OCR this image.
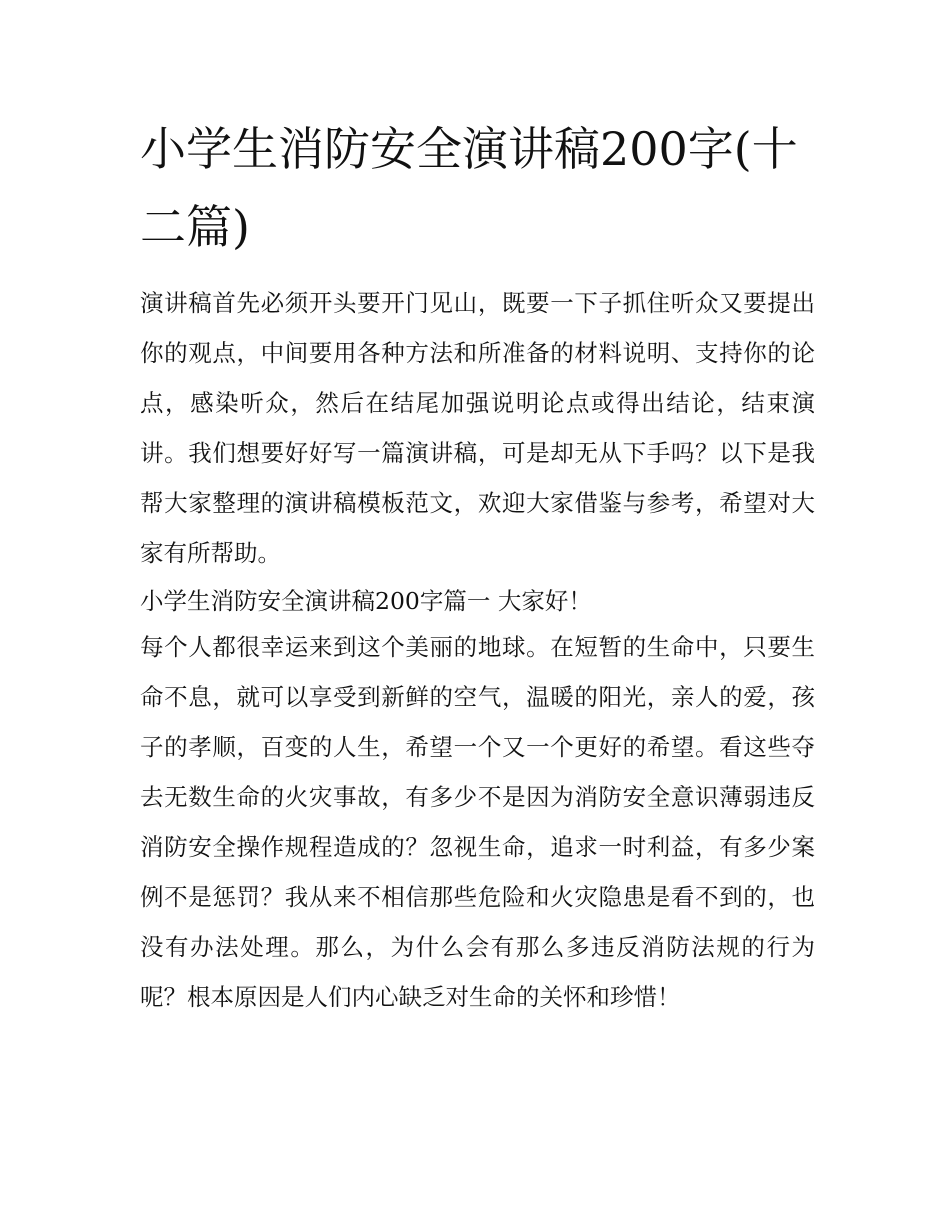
小学生消防安全演讲稿200字(十二篇)

演讲稿首先必须开头要开门见山，既要一下子抓住听众又要提出你的观点，中间要用各种方法和所准备的材料说明、支持你的论点，感染听众，然后在结尾加强说明论点或得出结论，结束演讲。我们想要好好写一篇演讲稿，可是却无从下手吗？以下是我帮大家整理的演讲稿模板范文，欢迎大家借鉴与参考，希望对大家有所帮助。

小学生消防安全演讲稿200字篇一 大家好！

每个人都很幸运来到这个美丽的地球。在短暂的生命中，只要生命不息，就可以享受到新鲜的空气，温暖的阳光，亲人的爱，孩子的孝顺，百变的人生，希望一个又一个更好的希望。看这些夺去无数生命的火灾事故，有多少不是因为消防安全意识薄弱违反消防安全操作规程造成的？忽视生命，追求一时利益，有多少案例不是惩罚？我从来不相信那些危险和火灾隐患是看不到的，也没有办法处理。那么，为什么会有那么多违反消防法规的行为呢？根本原因是人们内心缺乏对生命的关怀和珍惜！
